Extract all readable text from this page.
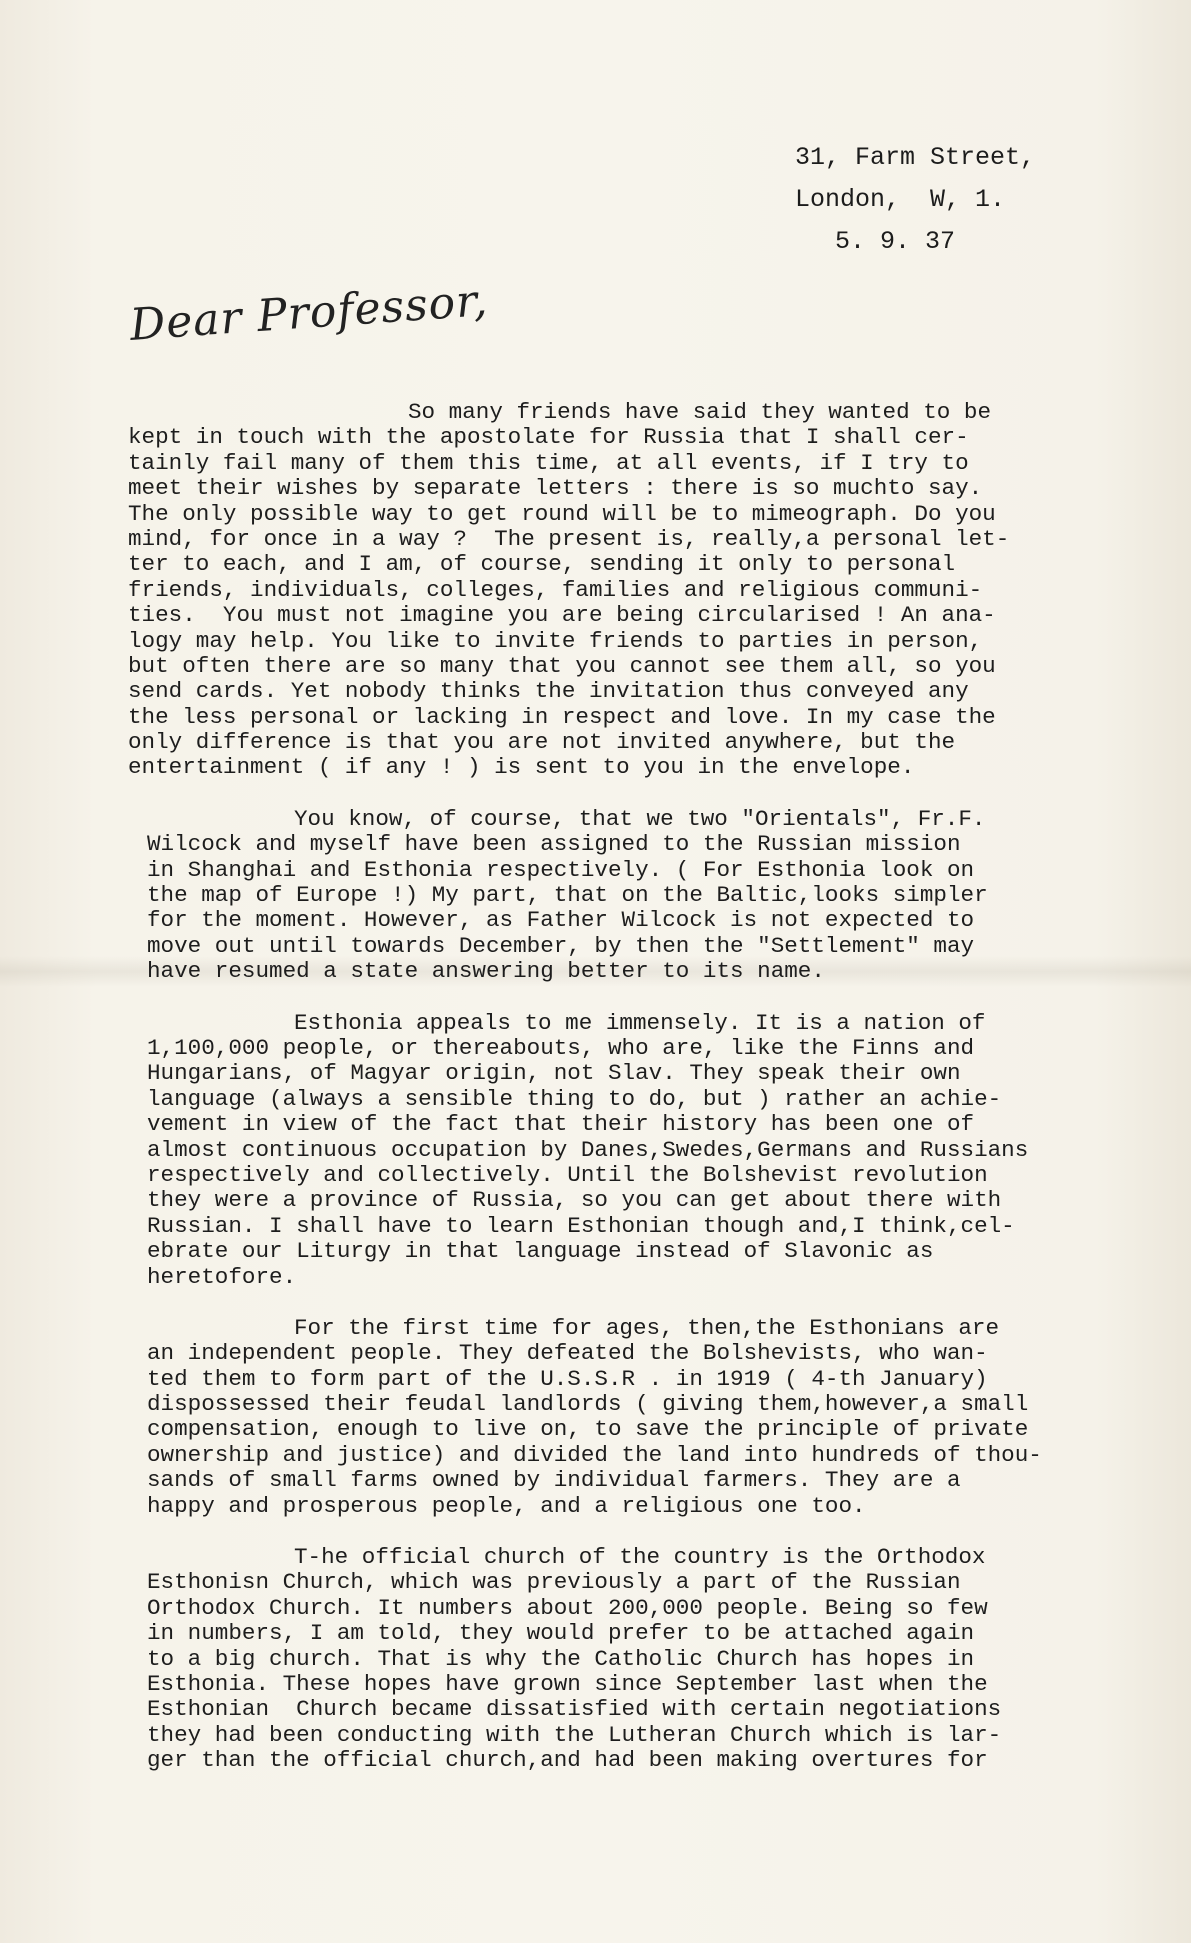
31, Farm Street,
London,  W, 1.
5. 9. 37
Dear Professor,
So many friends have said they wanted to be
kept in touch with the apostolate for Russia that I shall cer-
tainly fail many of them this time, at all events, if I try to
meet their wishes by separate letters : there is so muchto say.
The only possible way to get round will be to mimeograph. Do you
mind, for once in a way ?  The present is, really,a personal let-
ter to each, and I am, of course, sending it only to personal
friends, individuals, colleges, families and religious communi-
ties.  You must not imagine you are being circularised ! An ana-
logy may help. You like to invite friends to parties in person,
but often there are so many that you cannot see them all, so you
send cards. Yet nobody thinks the invitation thus conveyed any
the less personal or lacking in respect and love. In my case the
only difference is that you are not invited anywhere, but the
entertainment ( if any ! ) is sent to you in the envelope.
You know, of course, that we two "Orientals", Fr.F.
Wilcock and myself have been assigned to the Russian mission
in Shanghai and Esthonia respectively. ( For Esthonia look on
the map of Europe !) My part, that on the Baltic,looks simpler
for the moment. However, as Father Wilcock is not expected to
move out until towards December, by then the "Settlement" may
have resumed a state answering better to its name.
Esthonia appeals to me immensely. It is a nation of
1,100,000 people, or thereabouts, who are, like the Finns and
Hungarians, of Magyar origin, not Slav. They speak their own
language (always a sensible thing to do, but ) rather an achie-
vement in view of the fact that their history has been one of
almost continuous occupation by Danes,Swedes,Germans and Russians
respectively and collectively. Until the Bolshevist revolution
they were a province of Russia, so you can get about there with
Russian. I shall have to learn Esthonian though and,I think,cel-
ebrate our Liturgy in that language instead of Slavonic as
heretofore.
For the first time for ages, then,the Esthonians are
an independent people. They defeated the Bolshevists, who wan-
ted them to form part of the U.S.S.R . in 1919 ( 4-th January)
dispossessed their feudal landlords ( giving them,however,a small
compensation, enough to live on, to save the principle of private
ownership and justice) and divided the land into hundreds of thou-
sands of small farms owned by individual farmers. They are a
happy and prosperous people, and a religious one too.
T-he official church of the country is the Orthodox
Esthonisn Church, which was previously a part of the Russian
Orthodox Church. It numbers about 200,000 people. Being so few
in numbers, I am told, they would prefer to be attached again
to a big church. That is why the Catholic Church has hopes in
Esthonia. These hopes have grown since September last when the
Esthonian  Church became dissatisfied with certain negotiations
they had been conducting with the Lutheran Church which is lar-
ger than the official church,and had been making overtures for
